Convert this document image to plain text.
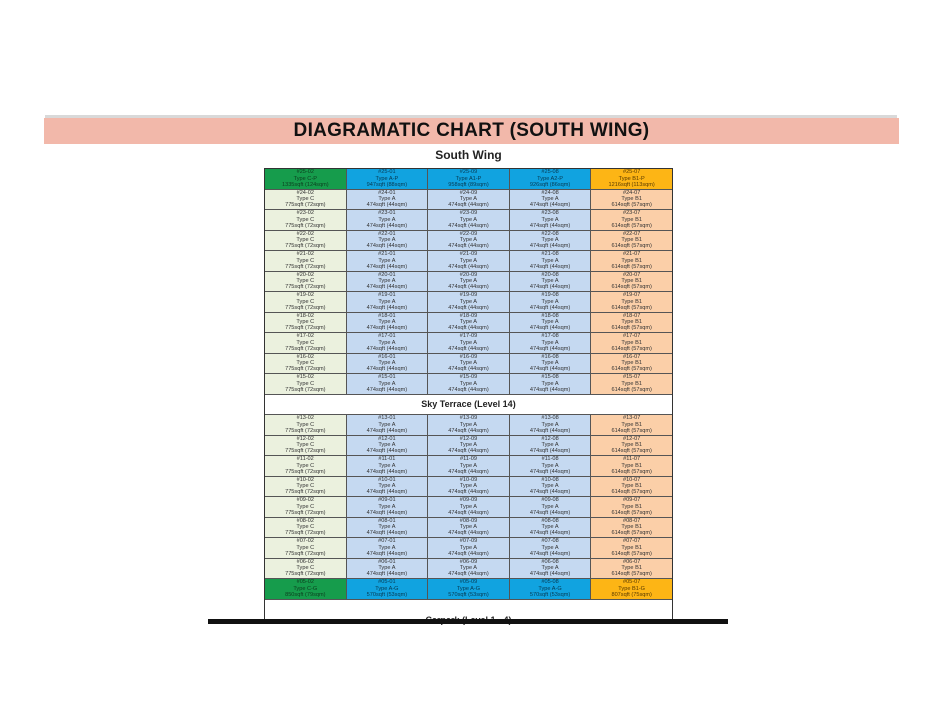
DIAGRAMATIC CHART (SOUTH WING)
South Wing
#25-02
Type C-P
1335sqft (124sqm)
#25-01
Type A-P
947sqft (88sqm)
#25-09
Type A1-P
958sqft (89sqm)
#25-08
Type A2-P
926sqft (86sqm)
#25-07
Type B1-P
1216sqft (113sqm)
#24-02
Type C
775sqft (72sqm)
#24-01
Type A
474sqft (44sqm)
#24-09
Type A
474sqft (44sqm)
#24-08
Type A
474sqft (44sqm)
#24-07
Type B1
614sqft (57sqm)
#23-02
Type C
775sqft (72sqm)
#23-01
Type A
474sqft (44sqm)
#23-09
Type A
474sqft (44sqm)
#23-08
Type A
474sqft (44sqm)
#23-07
Type B1
614sqft (57sqm)
#22-02
Type C
775sqft (72sqm)
#22-01
Type A
474sqft (44sqm)
#22-09
Type A
474sqft (44sqm)
#22-08
Type A
474sqft (44sqm)
#22-07
Type B1
614sqft (57sqm)
#21-02
Type C
775sqft (72sqm)
#21-01
Type A
474sqft (44sqm)
#21-09
Type A
474sqft (44sqm)
#21-08
Type A
474sqft (44sqm)
#21-07
Type B1
614sqft (57sqm)
#20-02
Type C
775sqft (72sqm)
#20-01
Type A
474sqft (44sqm)
#20-09
Type A
474sqft (44sqm)
#20-08
Type A
474sqft (44sqm)
#20-07
Type B1
614sqft (57sqm)
#19-02
Type C
775sqft (72sqm)
#19-01
Type A
474sqft (44sqm)
#19-09
Type A
474sqft (44sqm)
#19-08
Type A
474sqft (44sqm)
#19-07
Type B1
614sqft (57sqm)
#18-02
Type C
775sqft (72sqm)
#18-01
Type A
474sqft (44sqm)
#18-09
Type A
474sqft (44sqm)
#18-08
Type A
474sqft (44sqm)
#18-07
Type B1
614sqft (57sqm)
#17-02
Type C
775sqft (72sqm)
#17-01
Type A
474sqft (44sqm)
#17-09
Type A
474sqft (44sqm)
#17-08
Type A
474sqft (44sqm)
#17-07
Type B1
614sqft (57sqm)
#16-02
Type C
775sqft (72sqm)
#16-01
Type A
474sqft (44sqm)
#16-09
Type A
474sqft (44sqm)
#16-08
Type A
474sqft (44sqm)
#16-07
Type B1
614sqft (57sqm)
#15-02
Type C
775sqft (72sqm)
#15-01
Type A
474sqft (44sqm)
#15-09
Type A
474sqft (44sqm)
#15-08
Type A
474sqft (44sqm)
#15-07
Type B1
614sqft (57sqm)
Sky Terrace (Level 14)
#13-02
Type C
775sqft (72sqm)
#13-01
Type A
474sqft (44sqm)
#13-09
Type A
474sqft (44sqm)
#13-08
Type A
474sqft (44sqm)
#13-07
Type B1
614sqft (57sqm)
#12-02
Type C
775sqft (72sqm)
#12-01
Type A
474sqft (44sqm)
#12-09
Type A
474sqft (44sqm)
#12-08
Type A
474sqft (44sqm)
#12-07
Type B1
614sqft (57sqm)
#11-02
Type C
775sqft (72sqm)
#11-01
Type A
474sqft (44sqm)
#11-09
Type A
474sqft (44sqm)
#11-08
Type A
474sqft (44sqm)
#11-07
Type B1
614sqft (57sqm)
#10-02
Type C
775sqft (72sqm)
#10-01
Type A
474sqft (44sqm)
#10-09
Type A
474sqft (44sqm)
#10-08
Type A
474sqft (44sqm)
#10-07
Type B1
614sqft (57sqm)
#09-02
Type C
775sqft (72sqm)
#09-01
Type A
474sqft (44sqm)
#09-09
Type A
474sqft (44sqm)
#09-08
Type A
474sqft (44sqm)
#09-07
Type B1
614sqft (57sqm)
#08-02
Type C
775sqft (72sqm)
#08-01
Type A
474sqft (44sqm)
#08-09
Type A
474sqft (44sqm)
#08-08
Type A
474sqft (44sqm)
#08-07
Type B1
614sqft (57sqm)
#07-02
Type C
775sqft (72sqm)
#07-01
Type A
474sqft (44sqm)
#07-09
Type A
474sqft (44sqm)
#07-08
Type A
474sqft (44sqm)
#07-07
Type B1
614sqft (57sqm)
#06-02
Type C
775sqft (72sqm)
#06-01
Type A
474sqft (44sqm)
#06-09
Type A
474sqft (44sqm)
#06-08
Type A
474sqft (44sqm)
#06-07
Type B1
614sqft (57sqm)
#05-02
Type C-G
850sqft (79sqm)
#05-01
Type A-G
570sqft (53sqm)
#05-09
Type A-G
570sqft (53sqm)
#05-08
Type A-G
570sqft (53sqm)
#05-07
Type B1-G
807sqft (75sqm)
